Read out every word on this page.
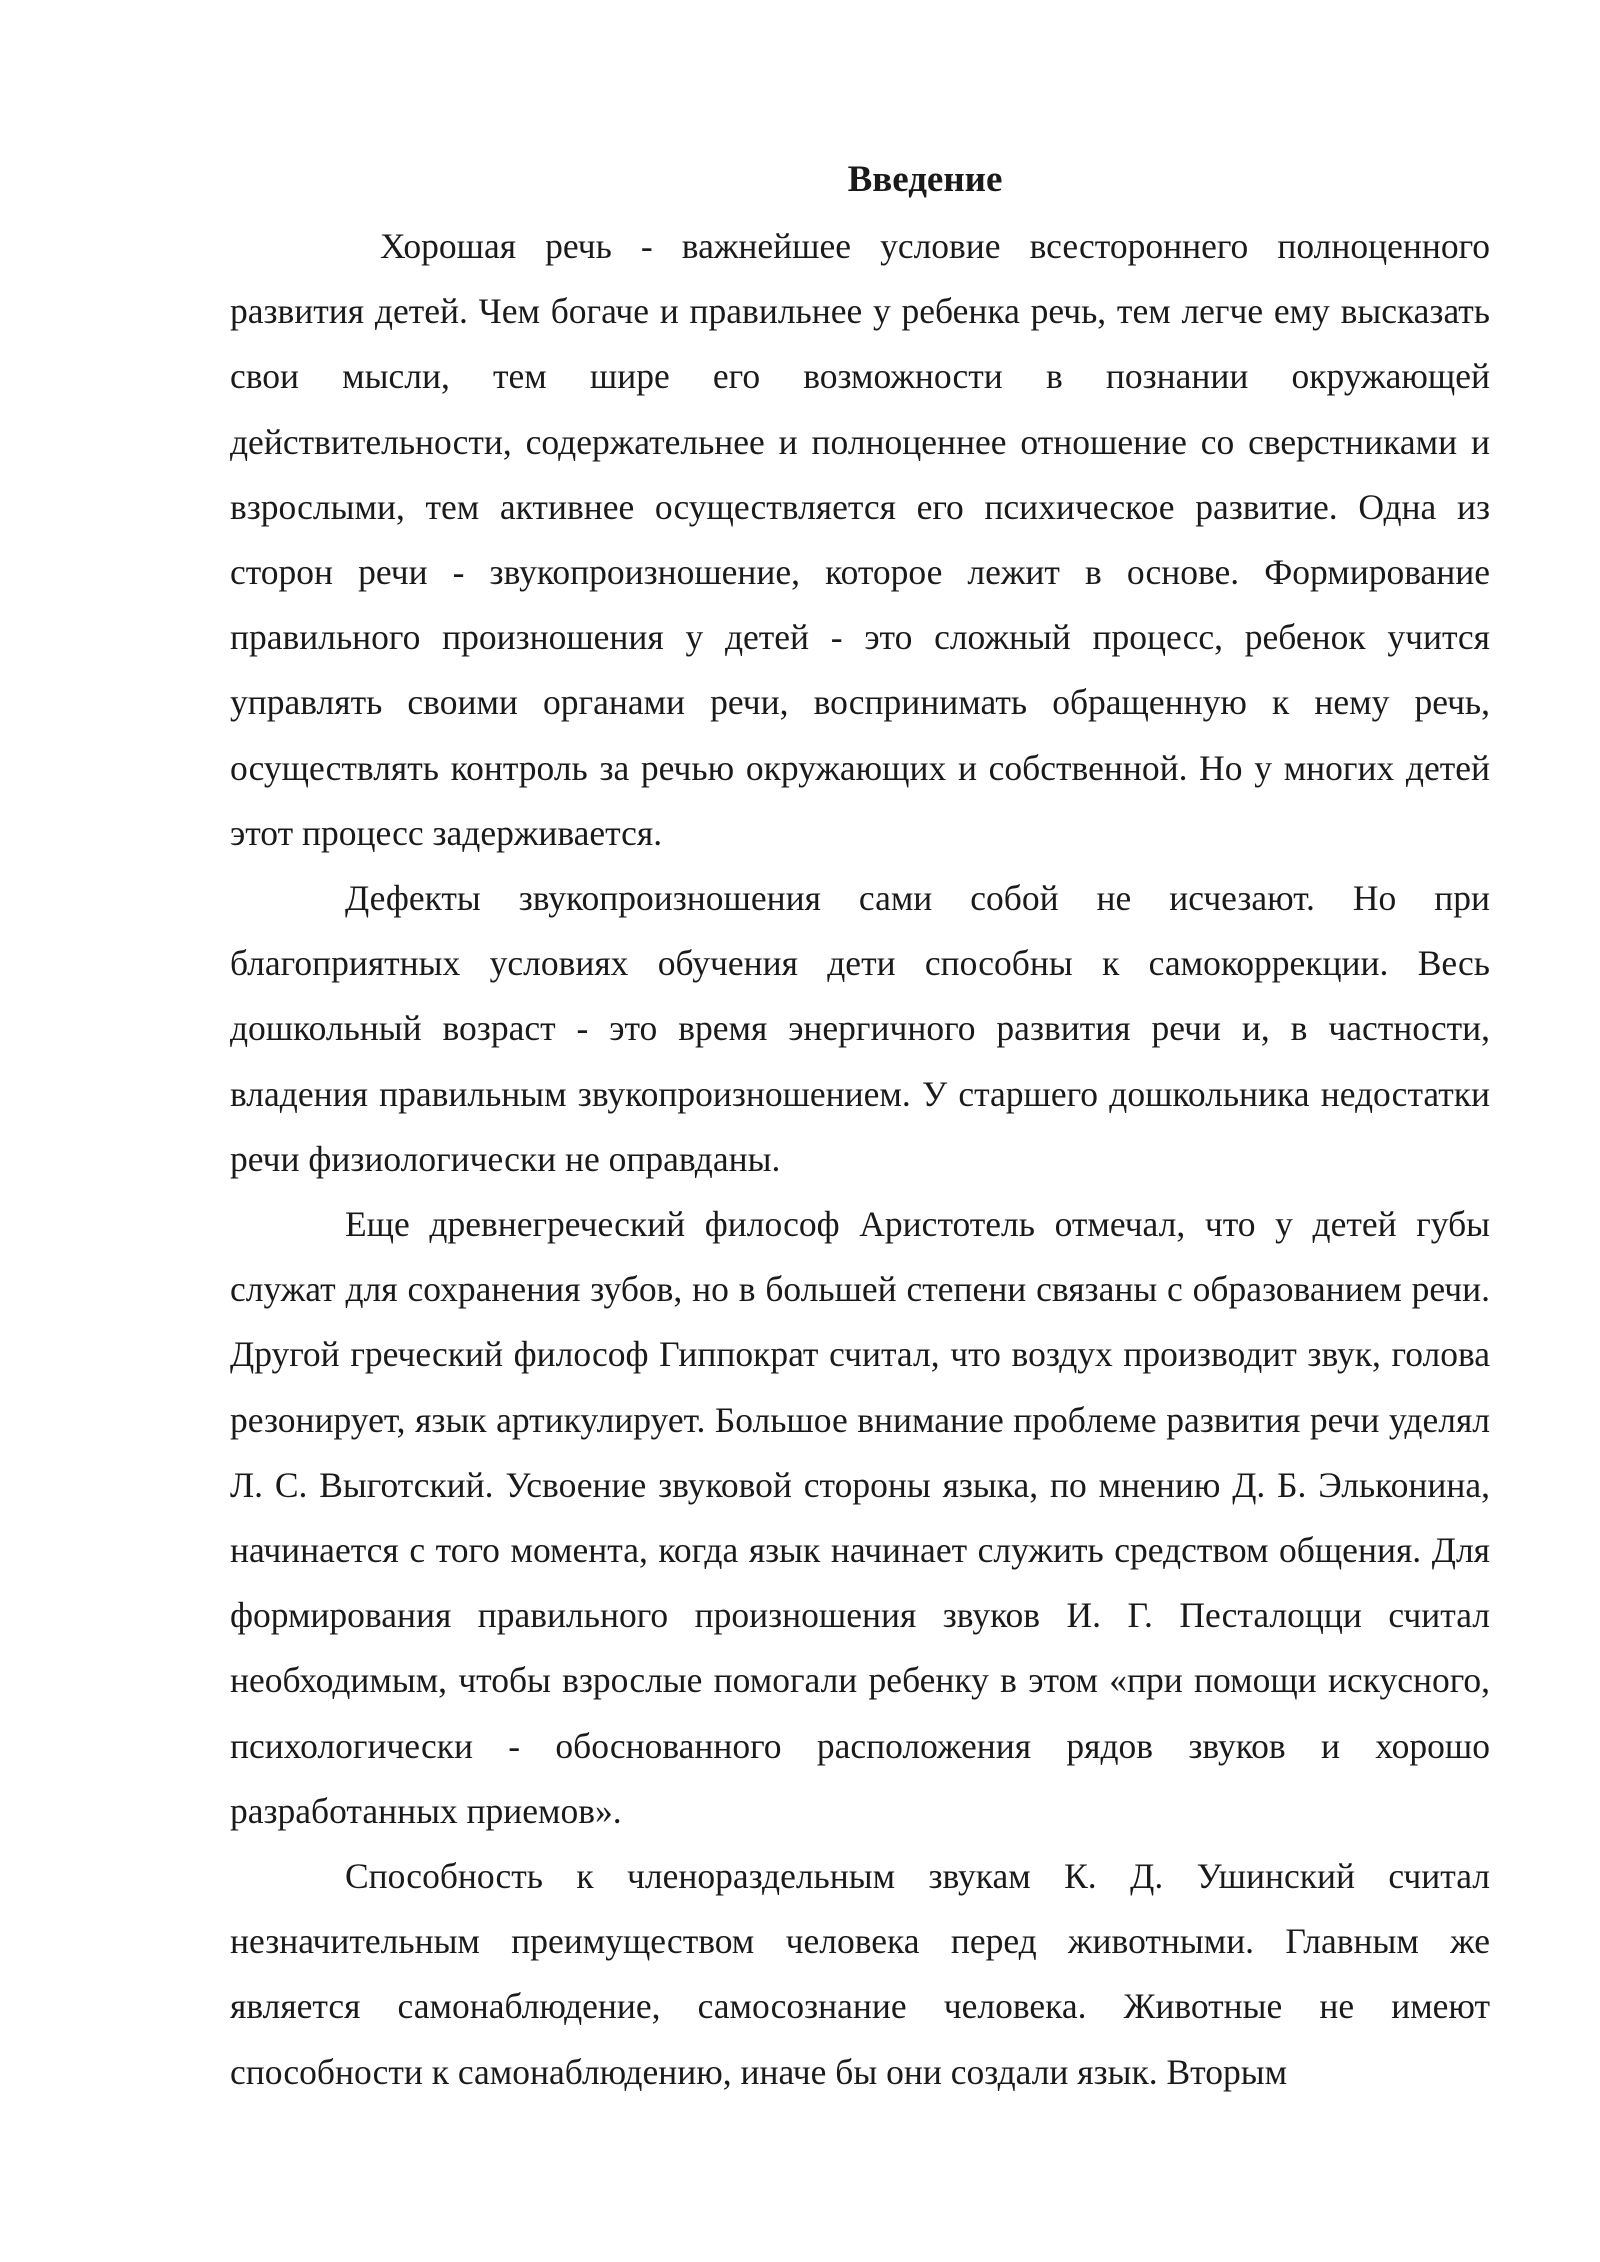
Введение

Хорошая речь - важнейшее условие всестороннего полноценного развития детей. Чем богаче и правильнее у ребенка речь, тем легче ему высказать свои мысли, тем шире его возможности в познании окружающей действительности, содержательнее и полноценнее отношение со сверстниками и взрослыми, тем активнее осуществляется его психическое развитие. Одна из сторон речи - звукопроизношение, которое лежит в основе. Формирование правильного произношения у детей - это сложный процесс, ребенок учится управлять своими органами речи, воспринимать обращенную к нему речь, осуществлять контроль за речью окружающих и собственной. Но у многих детей этот процесс задерживается.

Дефекты звукопроизношения сами собой не исчезают. Но при благоприятных условиях обучения дети способны к самокоррекции. Весь дошкольный возраст - это время энергичного развития речи и, в частности, владения правильным звукопроизношением. У старшего дошкольника недостатки речи физиологически не оправданы.

Еще древнегреческий философ Аристотель отмечал, что у детей губы служат для сохранения зубов, но в большей степени связаны с образованием речи. Другой греческий философ Гиппократ считал, что воздух производит звук, голова резонирует, язык артикулирует. Большое внимание проблеме развития речи уделял Л. С. Выготский. Усвоение звуковой стороны языка, по мнению Д. Б. Эльконина, начинается с того момента, когда язык начинает служить средством общения. Для формирования правильного произношения звуков И. Г. Песталоцци считал необходимым, чтобы взрослые помогали ребенку в этом «при помощи искусного, психологически - обоснованного расположения рядов звуков и хорошо разработанных приемов».

Способность к членораздельным звукам К. Д. Ушинский считал незначительным преимуществом человека перед животными. Главным же является самонаблюдение, самосознание человека. Животные не имеют способности к самонаблюдению, иначе бы они создали язык. Вторым
